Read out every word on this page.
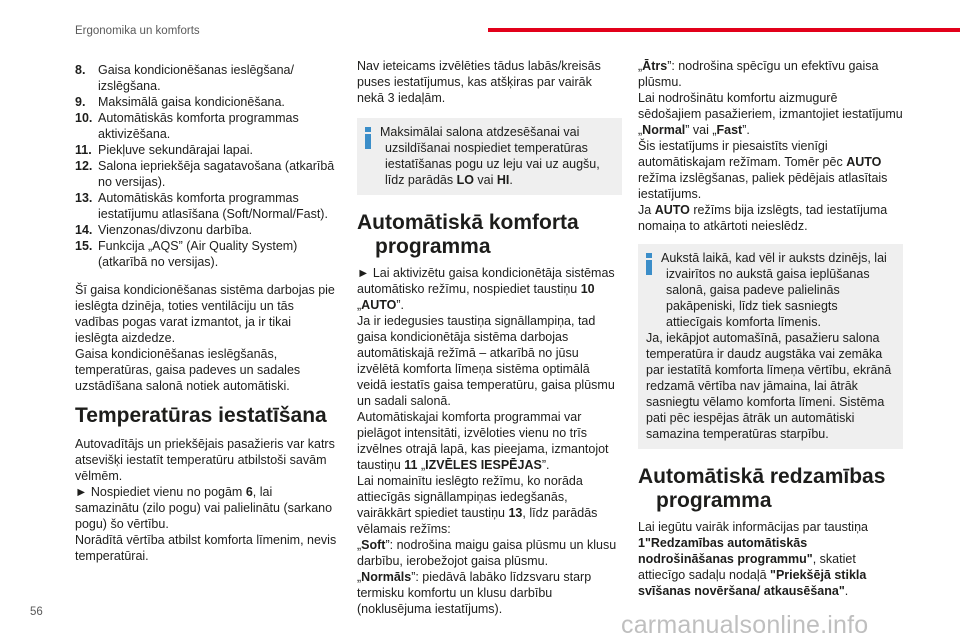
Ergonomika un komforts
8.	Gaisa kondicionēšanas ieslēgšana/ izslēgšana.
9.	Maksimālā gaisa kondicionēšana.
10. Automātiskās komforta programmas aktivizēšana.
11. Piekļuve sekundārajai lapai.
12. Salona iepriekšēja sagatavošana (atkarībā no versijas).
13. Automātiskās komforta programmas iestatījumu atlasīšana (Soft/Normal/Fast).
14. Vienzonas/divzonu darbība.
15. Funkcija „AQS” (Air Quality System) (atkarībā no versijas).

Šī gaisa kondicionēšanas sistēma darbojas pie ieslēgta dzinēja, toties ventilāciju un tās vadības pogas varat izmantot, ja ir tikai ieslēgta aizdedze.

Gaisa kondicionēšanas ieslēgšanās, temperatūras, gaisa padeves un sadales uzstādīšana salonā notiek automātiski.

Temperatūras iestatīšana

Autovadītājs un priekšējais pasažieris var katrs atsevišķi iestatīt temperatūru atbilstoši savām vēlmēm.

► Nospiediet vienu no pogām 6, lai samazinātu (zilo pogu) vai palielinātu (sarkano pogu) šo vērtību.

Norādītā vērtība atbilst komforta līmenim, nevis temperatūrai.

Nav ieteicams izvēlēties tādus labās/kreisās puses iestatījumus, kas atšķiras par vairāk nekā 3 iedaļām.

Maksimālai salona atdzesēšanai vai

uzsildīšanai nospiediet temperatūras iestatīšanas pogu uz leju vai uz augšu, līdz parādās LO vai HI.

Automātiskā komforta
programma

► Lai aktivizētu gaisa kondicionētāja sistēmas automātisko režīmu, nospiediet taustiņu 10 „AUTO”.

Ja ir iedegusies taustiņa signāllampiņa, tad gaisa kondicionētāja sistēma darbojas automātiskajā režīmā – atkarībā no jūsu izvēlētā komforta līmeņa sistēma optimālā veidā iestatīs gaisa temperatūru, gaisa plūsmu un sadali salonā.

Automātiskajai komforta programmai var pielāgot intensitāti, izvēloties vienu no trīs izvēlnes otrajā lapā, kas pieejama, izmantojot taustiņu 11 „IZVĒLES IESPĒJAS”.

Lai nomainītu ieslēgto režīmu, ko norāda attiecīgās signāllampiņas iedegšanās, vairākkārt spiediet taustiņu 13, līdz parādās vēlamais režīms:

„Soft”: nodrošina maigu gaisa plūsmu un klusu darbību, ierobežojot gaisa plūsmu.

„Normāls”: piedāvā labāko līdzsvaru starp termisku komfortu un klusu darbību (noklusējuma iestatījums).

„Ātrs”: nodrošina spēcīgu un efektīvu gaisa plūsmu.

Lai nodrošinātu komfortu aizmugurē sēdošajiem pasažieriem, izmantojiet iestatījumu „Normal” vai „Fast”.

Šis iestatījums ir piesaistīts vienīgi automātiskajam režīmam. Tomēr pēc AUTO režīma izslēgšanas, paliek pēdējais atlasītais iestatījums.

Ja AUTO režīms bija izslēgts, tad iestatījuma nomaiņa to atkārtoti neieslēdz.

Aukstā laikā, kad vēl ir auksts dzinējs, lai

izvairītos no aukstā gaisa ieplūšanas salonā, gaisa padeve palielinās pakāpeniski, līdz tiek sasniegts attiecīgais komforta līmenis.

Ja, iekāpjot automašīnā, pasažieru salona temperatūra ir daudz augstāka vai zemāka par iestatītā komforta līmeņa vērtību, ekrānā redzamā vērtība nav jāmaina, lai ātrāk sasniegtu vēlamo komforta līmeni. Sistēma pati pēc iespējas ātrāk un automātiski samazina temperatūras starpību.

Automātiskā redzamības
programma

Lai iegūtu vairāk informācijas par taustiņa 1"Redzamības automātiskās nodrošināšanas programmu", skatiet attiecīgo sadaļu nodaļā "Priekšējā stikla svīšanas novēršana/ atkausēšana".

56	carmanualsonline.info
